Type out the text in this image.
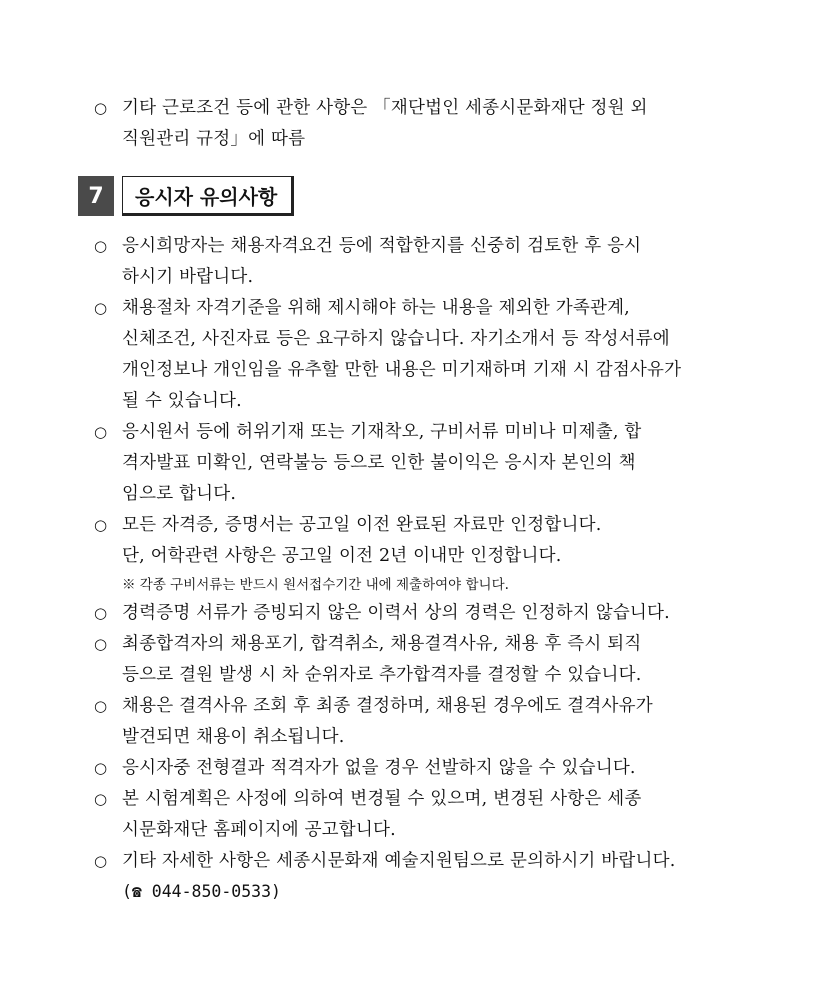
○ 기타 근로조건 등에 관한 사항은 「재단법인 세종시문화재단 정원 외
직원관리 규정」에 따름
7	응시자 유의사항
○ 응시희망자는 채용자격요건 등에 적합한지를 신중히 검토한 후 응시
하시기 바랍니다.
○ 채용절차 자격기준을 위해 제시해야 하는 내용을 제외한 가족관계,
신체조건, 사진자료 등은 요구하지 않습니다. 자기소개서 등 작성서류에
개인정보나 개인임을 유추할 만한 내용은 미기재하며 기재 시 감점사유가
될 수 있습니다.
○ 응시원서 등에 허위기재 또는 기재착오, 구비서류 미비나 미제출, 합
격자발표 미확인, 연락불능 등으로 인한 불이익은 응시자 본인의 책
임으로 합니다.
○ 모든 자격증, 증명서는 공고일 이전 완료된 자료만 인정합니다.
단, 어학관련 사항은 공고일 이전 2년 이내만 인정합니다.
※ 각종 구비서류는 반드시 원서접수기간 내에 제출하여야 합니다.
○ 경력증명 서류가 증빙되지 않은 이력서 상의 경력은 인정하지 않습니다.
○ 최종합격자의 채용포기, 합격취소, 채용결격사유, 채용 후 즉시 퇴직
등으로 결원 발생 시 차 순위자로 추가합격자를 결정할 수 있습니다.
○ 채용은 결격사유 조회 후 최종 결정하며, 채용된 경우에도 결격사유가
발견되면 채용이 취소됩니다.
○ 응시자중 전형결과 적격자가 없을 경우 선발하지 않을 수 있습니다.
○ 본 시험계획은 사정에 의하여 변경될 수 있으며, 변경된 사항은 세종
시문화재단 홈페이지에 공고합니다.
○ 기타 자세한 사항은 세종시문화재 예술지원팀으로 문의하시기 바랍니다.
(☎ 044-850-0533)
